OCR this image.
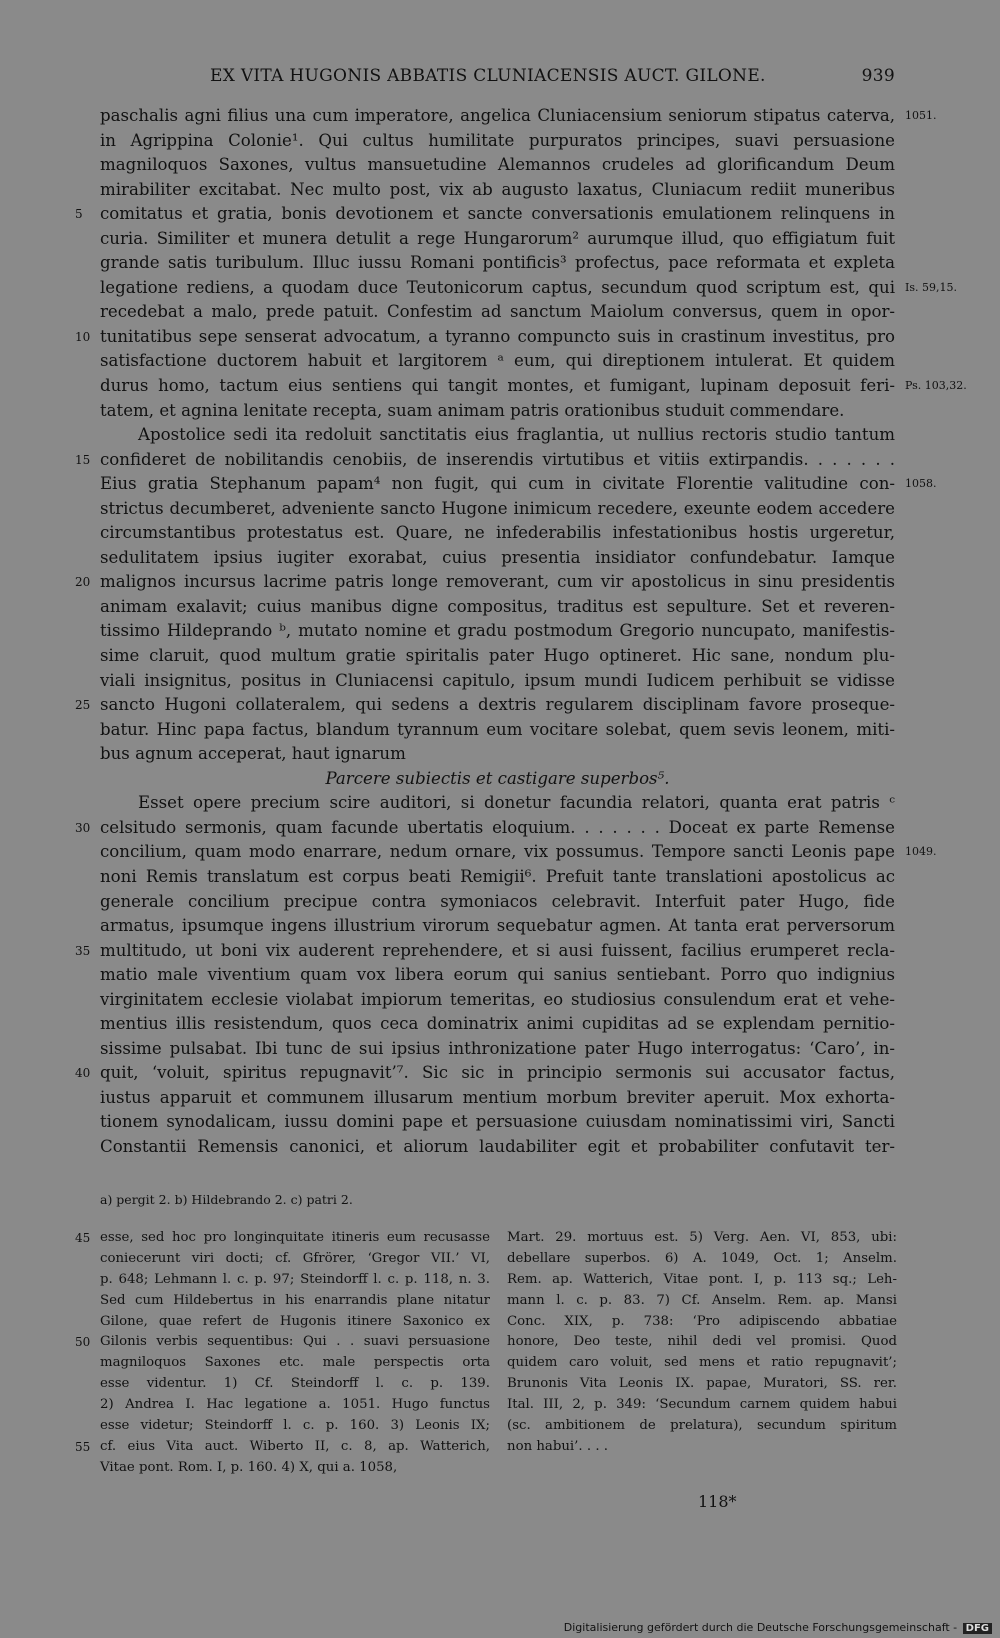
EX VITA HUGONIS ABBATIS CLUNIACENSIS AUCT. GILONE.	939
paschalis agni filius una cum imperatore, angelica Cluniacensium seniorum stipatus caterva, 1051.
in Agrippina Colonie¹. Qui cultus humilitate purpuratos principes, suavi persuasione
magniloquos Saxones, vultus mansuetudine Alemannos crudeles ad glorificandum Deum
mirabiliter excitabat. Nec multo post, vix ab augusto laxatus, Cluniacum rediit muneribus
comitatus et gratia, bonis devotionem et sancte conversationis emulationem relinquens in
5
curia. Similiter et munera detulit a rege Hungarorum² aurumque illud, quo effigiatum fuit
grande satis turibulum. Illuc iussu Romani pontificis³ profectus, pace reformata et expleta
legatione rediens, a quodam duce Teutonicorum captus, secundum quod scriptum est, qui Is. 59,15.
recedebat a malo, prede patuit. Confestim ad sanctum Maiolum conversus, quem in opor-
tunitatibus sepe senserat advocatum, a tyranno compuncto suis in crastinum investitus, pro
10
satisfactione ductorem habuit et largitorem ᵃ eum, qui direptionem intulerat. Et quidem
durus homo, tactum eius sentiens qui tangit montes, et fumigant, lupinam deposuit feri- Ps. 103,32.
tatem, et agnina lenitate recepta, suam animam patris orationibus studuit commendare.
Apostolice sedi ita redoluit sanctitatis eius fraglantia, ut nullius rectoris studio tantum
confideret de nobilitandis cenobiis, de inserendis virtutibus et vitiis extirpandis. . . . . . .
15
Eius gratia Stephanum papam⁴ non fugit, qui cum in civitate Florentie valitudine con- 1058.
strictus decumberet, adveniente sancto Hugone inimicum recedere, exeunte eodem accedere
circumstantibus protestatus est. Quare, ne infederabilis infestationibus hostis urgeretur,
sedulitatem ipsius iugiter exorabat, cuius presentia insidiator confundebatur. Iamque
malignos incursus lacrime patris longe removerant, cum vir apostolicus in sinu presidentis
20
animam exalavit; cuius manibus digne compositus, traditus est sepulture. Set et reveren-
tissimo Hildeprando ᵇ, mutato nomine et gradu postmodum Gregorio nuncupato, manifestis-
sime claruit, quod multum gratie spiritalis pater Hugo optineret. Hic sane, nondum plu-
viali insignitus, positus in Cluniacensi capitulo, ipsum mundi Iudicem perhibuit se vidisse
sancto Hugoni collateralem, qui sedens a dextris regularem disciplinam favore proseque-
25
batur. Hinc papa factus, blandum tyrannum eum vocitare solebat, quem sevis leonem, miti-
bus agnum acceperat, haut ignarum
Parcere subiectis et castigare superbos⁵.
Esset opere precium scire auditori, si donetur facundia relatori, quanta erat patris ᶜ
celsitudo sermonis, quam facunde ubertatis eloquium. . . . . . . Doceat ex parte Remense
30
concilium, quam modo enarrare, nedum ornare, vix possumus. Tempore sancti Leonis pape 1049.
noni Remis translatum est corpus beati Remigii⁶. Prefuit tante translationi apostolicus ac
generale concilium precipue contra symoniacos celebravit. Interfuit pater Hugo, fide
armatus, ipsumque ingens illustrium virorum sequebatur agmen. At tanta erat perversorum
multitudo, ut boni vix auderent reprehendere, et si ausi fuissent, facilius erumperet recla-
35
matio male viventium quam vox libera eorum qui sanius sentiebant. Porro quo indignius
virginitatem ecclesie violabat impiorum temeritas, eo studiosius consulendum erat et vehe-
mentius illis resistendum, quos ceca dominatrix animi cupiditas ad se explendam pernitio-
sissime pulsabat. Ibi tunc de sui ipsius inthronizatione pater Hugo interrogatus: ‘Caro’, in-
quit, ‘voluit, spiritus repugnavit’⁷. Sic sic in principio sermonis sui accusator factus,
40
iustus apparuit et communem illusarum mentium morbum breviter aperuit. Mox exhorta-
tionem synodalicam, iussu domini pape et persuasione cuiusdam nominatissimi viri, Sancti
Constantii Remensis canonici, et aliorum laudabiliter egit et probabiliter confutavit ter-
a) pergit 2. b) Hildebrando 2. c) patri 2.
esse, sed hoc pro longinquitate itineris eum recusasse
45
coniecerunt viri docti; cf. Gfrörer, ‘Gregor VII.’ VI,
p. 648; Lehmann l. c. p. 97; Steindorff l. c. p. 118, n. 3.
Sed cum Hildebertus in his enarrandis plane nitatur
Gilone, quae refert de Hugonis itinere Saxonico ex
Gilonis verbis sequentibus: Qui . . suavi persuasione
50
magniloquos Saxones etc. male perspectis orta
esse videntur. 1) Cf. Steindorff l. c. p. 139.
2) Andrea I. Hac legatione a. 1051. Hugo functus
esse videtur; Steindorff l. c. p. 160. 3) Leonis IX;
cf. eius Vita auct. Wiberto II, c. 8, ap. Watterich,
55
Vitae pont. Rom. I, p. 160. 4) X, qui a. 1058,
Mart. 29. mortuus est. 5) Verg. Aen. VI, 853, ubi:
debellare superbos. 6) A. 1049, Oct. 1; Anselm.
Rem. ap. Watterich, Vitae pont. I, p. 113 sq.; Leh-
mann l. c. p. 83. 7) Cf. Anselm. Rem. ap. Mansi
Conc. XIX, p. 738: ‘Pro adipiscendo abbatiae
honore, Deo teste, nihil dedi vel promisi. Quod
quidem caro voluit, sed mens et ratio repugnavit’;
Brunonis Vita Leonis IX. papae, Muratori, SS. rer.
Ital. III, 2, p. 349: ‘Secundum carnem quidem habui
(sc. ambitionem de prelatura), secundum spiritum
non habui’. . . .
118*
Digitalisierung gefördert durch die Deutsche Forschungsgemeinschaft - DFG
